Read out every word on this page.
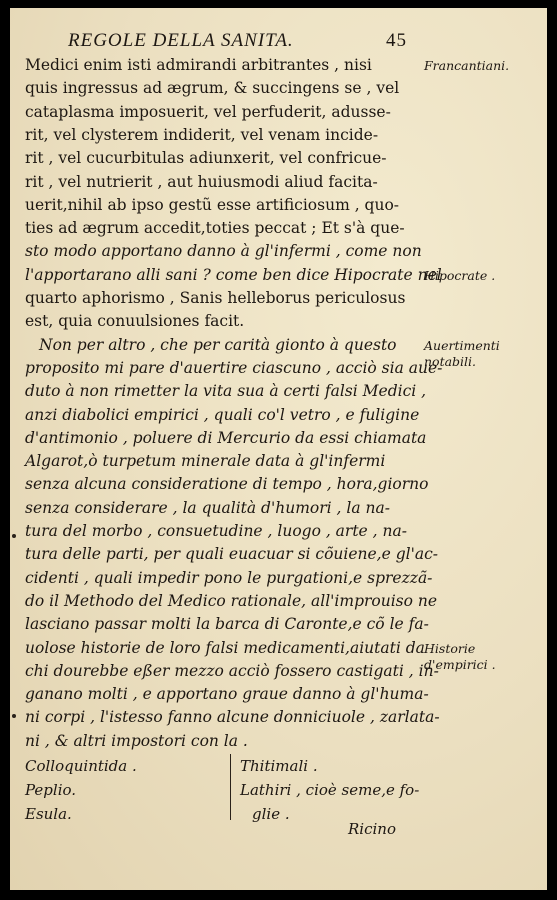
REGOLE DELLA SANITA.	45
Medici enim isti admirandi arbitrantes , nisi
quis ingressus ad ægrum, & succingens se , vel
cataplasma imposuerit, vel perfuderit, adusse-
rit, vel clysterem indiderit, vel venam incide-
rit , vel cucurbitulas adiunxerit, vel confricue-
rit , vel nutrierit , aut huiusmodi aliud facita-
uerit,nihil ab ipso gestũ esse artificiosum , quo-
ties ad ægrum accedit,toties peccat ; Et s'à que-
sto modo apportano danno à gl'infermi , come non
l'apportarano alli sani ? come ben dice Hipocrate nel
quarto aphorismo , Sanis helleborus periculosus
est, quia conuulsiones facit.
Non per altro , che per carità gionto à questo
proposito mi pare d'auertire ciascuno , acciò sia aue-
duto à non rimetter la vita sua à certi falsi Medici ,
anzi diabolici empirici , quali co'l vetro , e fuligine
d'antimonio , poluere di Mercurio da essi chiamata
Algarot,ò turpetum minerale data à gl'infermi
senza alcuna consideratione di tempo , hora,giorno
senza considerare , la qualità d'humori , la na-
tura del morbo , consuetudine , luogo , arte , na-
tura delle parti, per quali euacuar si cõuiene,e gl'ac-
cidenti , quali impedir pono le purgationi,e sprezzã-
do il Methodo del Medico rationale, all'improuiso ne
lasciano passar molti la barca di Caronte,e cõ le fa-
uolose historie de loro falsi medicamenti,aiutati da
chi dourebbe eßer mezzo acciò fossero castigati , in-
ganano molti , e apportano graue danno à gl'huma-
ni corpi , l'istesso fanno alcune donniciuole , zarlata-
ni , & altri impostori con la .
Francantiani.
Hipocrate .
Auertimenti notabili.
Historie d'empirici .
Colloquintida .
Peplio.
Esula.
Thitimali .
Lathiri , cioè seme,e fo-
glie .
Ricino
